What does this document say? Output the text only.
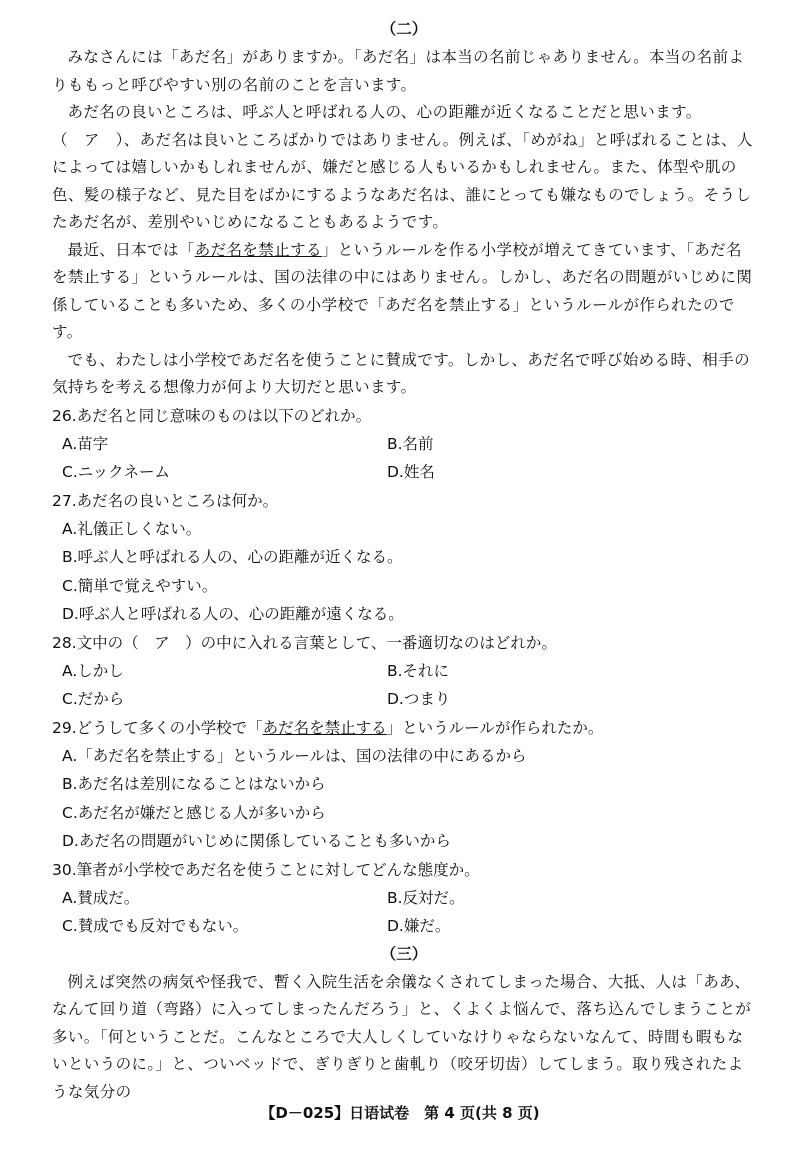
（二）

みなさんには「あだ名」がありますか。「あだ名」は本当の名前じゃありません。本当の名前よりももっと呼びやすい別の名前のことを言います。

あだ名の良いところは、呼ぶ人と呼ばれる人の、心の距離が近くなることだと思います。

（　ア　）、あだ名は良いところばかりではありません。例えば、「めがね」と呼ばれることは、人によっては嬉しいかもしれませんが、嫌だと感じる人もいるかもしれません。また、体型や肌の色、髪の様子など、見た目をばかにするようなあだ名は、誰にとっても嫌なものでしょう。そうしたあだ名が、差別やいじめになることもあるようです。

最近、日本では「あだ名を禁止する」というルールを作る小学校が増えてきています、「あだ名を禁止する」というルールは、国の法律の中にはありません。しかし、あだ名の問題がいじめに関係していることも多いため、多くの小学校で「あだ名を禁止する」というルールが作られたのです。

でも、わたしは小学校であだ名を使うことに賛成です。しかし、あだ名で呼び始める時、相手の気持ちを考える想像力が何より大切だと思います。

26.あだ名と同じ意味のものは以下のどれか。
A.苗字	B.名前
C.ニックネーム	D.姓名
27.あだ名の良いところは何か。
A.礼儀正しくない。
B.呼ぶ人と呼ばれる人の、心の距離が近くなる。
C.簡単で覚えやすい。
D.呼ぶ人と呼ばれる人の、心の距離が遠くなる。
28.文中の（　ア　）の中に入れる言葉として、一番適切なのはどれか。
A.しかし	B.それに
C.だから	D.つまり
29.どうして多くの小学校で「あだ名を禁止する」というルールが作られたか。
A.「あだ名を禁止する」というルールは、国の法律の中にあるから
B.あだ名は差別になることはないから
C.あだ名が嫌だと感じる人が多いから
D.あだ名の問題がいじめに関係していることも多いから
30.筆者が小学校であだ名を使うことに対してどんな態度か。
A.賛成だ。	B.反対だ。
C.賛成でも反対でもない。	D.嫌だ。
（三）

例えば突然の病気や怪我で、暫く入院生活を余儀なくされてしまった場合、大抵、人は「ああ、なんて回り道（弯路）に入ってしまったんだろう」と、くよくよ悩んで、落ち込んでしまうことが多い。「何ということだ。こんなところで大人しくしていなけりゃならないなんて、時間も暇もないというのに。」と、ついベッドで、ぎりぎりと歯軋り（咬牙切齿）してしまう。取り残されたような気分の

【D－025】日语试卷　第 4 页(共 8 页)
